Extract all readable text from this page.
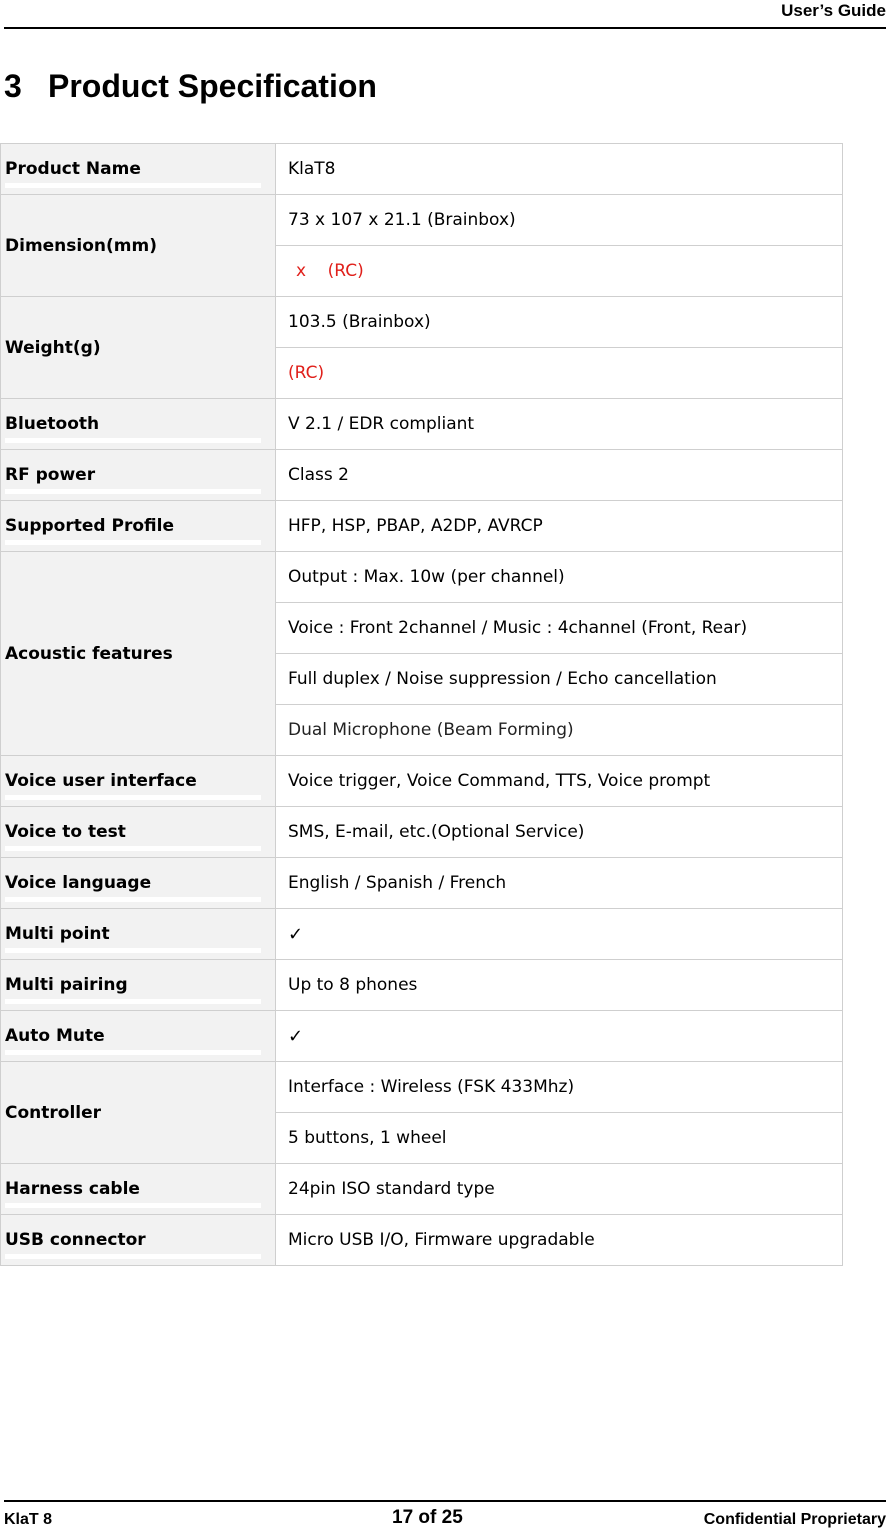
User’s Guide
3 Product Specification
Product Name	KlaT8
Dimension(mm)	73 x 107 x 21.1 (Brainbox)
	x    (RC)
Weight(g)	103.5 (Brainbox)
	(RC)
Bluetooth	V 2.1 / EDR compliant
RF power	Class 2
Supported Profile	HFP, HSP, PBAP, A2DP, AVRCP
Acoustic features	Output : Max. 10w (per channel)
	Voice : Front 2channel / Music : 4channel (Front, Rear)
	Full duplex / Noise suppression / Echo cancellation
	Dual Microphone (Beam Forming)
Voice user interface	Voice trigger, Voice Command, TTS, Voice prompt
Voice to test	SMS, E-mail, etc.(Optional Service)
Voice language	English / Spanish / French
Multi point	✓
Multi pairing	Up to 8 phones
Auto Mute	✓
Controller	Interface : Wireless (FSK 433Mhz)
	5 buttons, 1 wheel
Harness cable	24pin ISO standard type
USB connector	Micro USB I/O, Firmware upgradable
KlaT 8	17 of 25	Confidential Proprietary
